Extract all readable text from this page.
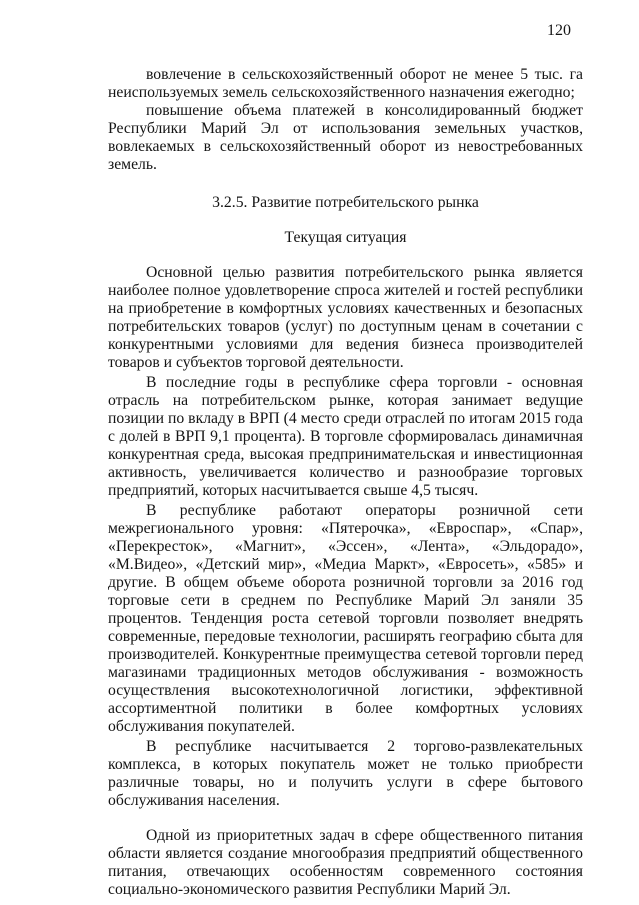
120

вовлечение в сельскохозяйственный оборот не менее 5 тыс. га неиспользуемых земель сельскохозяйственного назначения ежегодно;

повышение объема платежей в консолидированный бюджет Республики Марий Эл от использования земельных участков, вовлекаемых в сельскохозяйственный оборот из невостребованных земель.

3.2.5. Развитие потребительского рынка

Текущая ситуация

Основной целью развития потребительского рынка является наиболее полное удовлетворение спроса жителей и гостей республики на приобретение в комфортных условиях качественных и безопасных потребительских товаров (услуг) по доступным ценам в сочетании с конкурентными условиями для ведения бизнеса производителей товаров и субъектов торговой деятельности.

В последние годы в республике сфера торговли - основная отрасль на потребительском рынке, которая занимает ведущие позиции по вкладу в ВРП (4 место среди отраслей по итогам 2015 года с долей в ВРП 9,1 процента). В торговле сформировалась динамичная конкурентная среда, высокая предпринимательская и инвестиционная активность, увеличивается количество и разнообразие торговых предприятий, которых насчитывается свыше 4,5 тысяч.

В республике работают операторы розничной сети межрегионального уровня: «Пятерочка», «Евроспар», «Спар», «Перекресток», «Магнит», «Эссен», «Лента», «Эльдорадо», «М.Видео», «Детский мир», «Медиа Маркт», «Евросеть», «585» и другие. В общем объеме оборота розничной торговли за 2016 год торговые сети в среднем по Республике Марий Эл заняли 35 процентов. Тенденция роста сетевой торговли позволяет внедрять современные, передовые технологии, расширять географию сбыта для производителей. Конкурентные преимущества сетевой торговли перед магазинами традиционных методов обслуживания - возможность осуществления высокотехнологичной логистики, эффективной ассортиментной политики в более комфортных условиях обслуживания покупателей.

В республике насчитывается 2 торгово-развлекательных комплекса, в которых покупатель может не только приобрести различные товары, но и получить услуги в сфере бытового обслуживания населения.

Одной из приоритетных задач в сфере общественного питания области является создание многообразия предприятий общественного питания, отвечающих особенностям современного состояния социально-экономического развития Республики Марий Эл.
